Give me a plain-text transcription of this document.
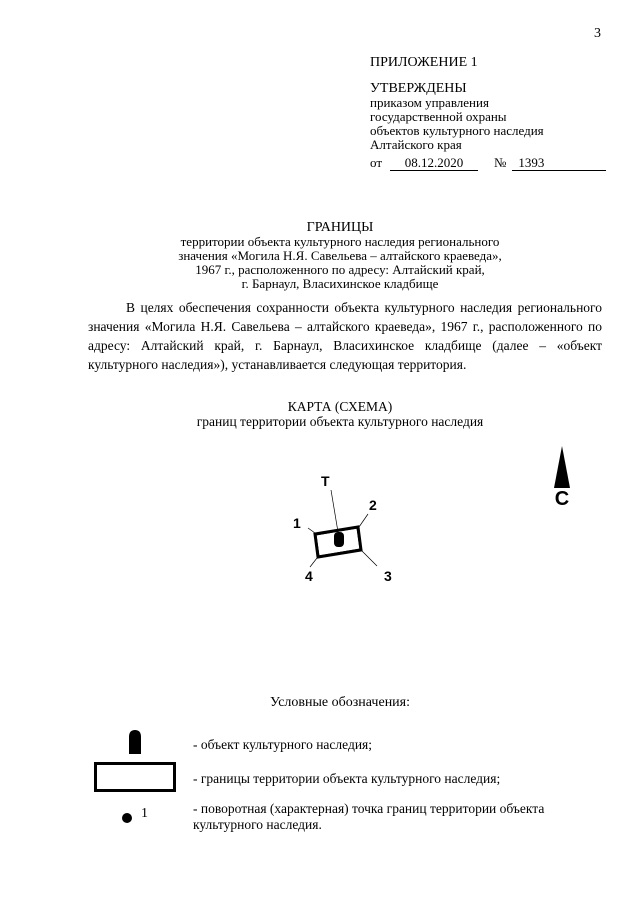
3
ПРИЛОЖЕНИЕ 1
УТВЕРЖДЕНЫ
приказом управления
государственной охраны
объектов культурного наследия
Алтайского края
от 08.12.2020 № 1393
ГРАНИЦЫ
территории объекта культурного наследия регионального
значения «Могила Н.Я. Савельева – алтайского краеведа»,
1967 г., расположенного по адресу: Алтайский край,
г. Барнаул, Власихинское кладбище
В целях обеспечения сохранности объекта культурного наследия регионального значения «Могила Н.Я. Савельева – алтайского краеведа», 1967 г., расположенного по адресу: Алтайский край, г. Барнаул, Власихинское кладбище (далее – «объект культурного наследия»), устанавливается следующая территория.
КАРТА (СХЕМА)
границ территории объекта культурного наследия
С
Т
2
1
4	3
Условные обозначения:
- объект культурного наследия;
- границы территории объекта культурного наследия;
1	- поворотная (характерная) точка границ территории объекта культурного наследия.
